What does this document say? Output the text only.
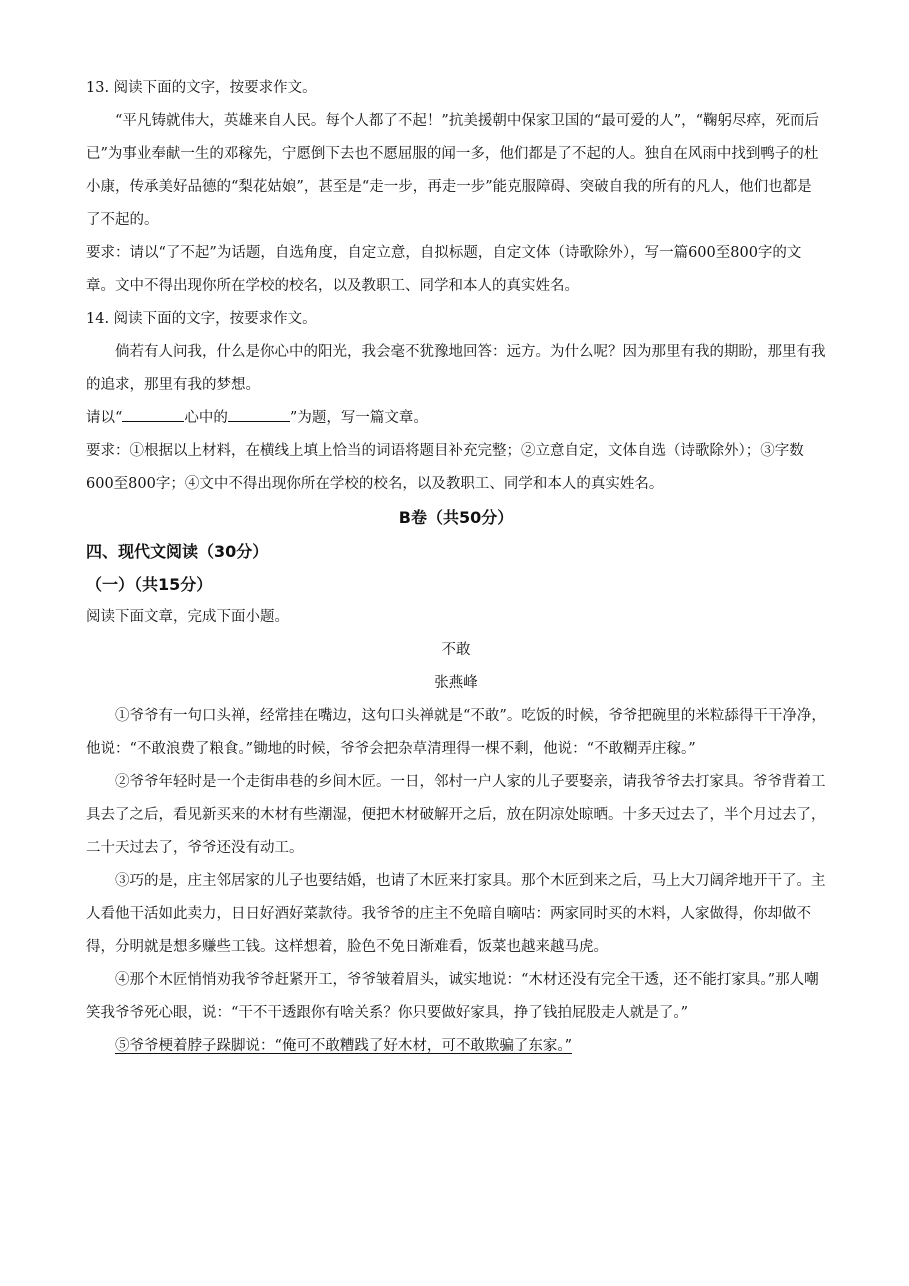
13. 阅读下面的文字，按要求作文。

“平凡铸就伟大，英雄来自人民。每个人都了不起！”抗美援朝中保家卫国的“最可爱的人”，“鞠躬尽瘁，死而后已”为事业奉献一生的邓稼先，宁愿倒下去也不愿屈服的闻一多，他们都是了不起的人。独自在风雨中找到鸭子的杜小康，传承美好品德的“梨花姑娘”，甚至是“走一步，再走一步”能克服障碍、突破自我的所有的凡人，他们也都是了不起的。

要求：请以“了不起”为话题，自选角度，自定立意，自拟标题，自定文体（诗歌除外），写一篇600至800字的文章。文中不得出现你所在学校的校名，以及教职工、同学和本人的真实姓名。

14. 阅读下面的文字，按要求作文。

倘若有人问我，什么是你心中的阳光，我会毫不犹豫地回答：远方。为什么呢？因为那里有我的期盼，那里有我的追求，那里有我的梦想。

请以“	心中的	”为题，写一篇文章。

要求：①根据以上材料，在横线上填上恰当的词语将题目补充完整；②立意自定，文体自选（诗歌除外）；③字数600至800字；④文中不得出现你所在学校的校名，以及教职工、同学和本人的真实姓名。

B卷（共50分）
四、现代文阅读（30分）
（一）（共15分）

阅读下面文章，完成下面小题。

不敢
张燕峰

①爷爷有一句口头禅，经常挂在嘴边，这句口头禅就是“不敢”。吃饭的时候，爷爷把碗里的米粒舔得干干净净，他说：“不敢浪费了粮食。”锄地的时候，爷爷会把杂草清理得一棵不剩，他说：“不敢糊弄庄稼。”

②爷爷年轻时是一个走街串巷的乡间木匠。一日，邻村一户人家的儿子要娶亲，请我爷爷去打家具。爷爷背着工具去了之后，看见新买来的木材有些潮湿，便把木材破解开之后，放在阴凉处晾晒。十多天过去了，半个月过去了，二十天过去了，爷爷还没有动工。

③巧的是，庄主邻居家的儿子也要结婚，也请了木匠来打家具。那个木匠到来之后，马上大刀阔斧地开干了。主人看他干活如此卖力，日日好酒好菜款待。我爷爷的庄主不免暗自嘀咕：两家同时买的木料，人家做得，你却做不得，分明就是想多赚些工钱。这样想着，脸色不免日渐难看，饭菜也越来越马虎。

④那个木匠悄悄劝我爷爷赶紧开工，爷爷皱着眉头，诚实地说：“木材还没有完全干透，还不能打家具。”那人嘲笑我爷爷死心眼，说：“干不干透跟你有啥关系？你只要做好家具，挣了钱拍屁股走人就是了。”

⑤爷爷梗着脖子跺脚说：“俺可不敢糟践了好木材，可不敢欺骗了东家。”
